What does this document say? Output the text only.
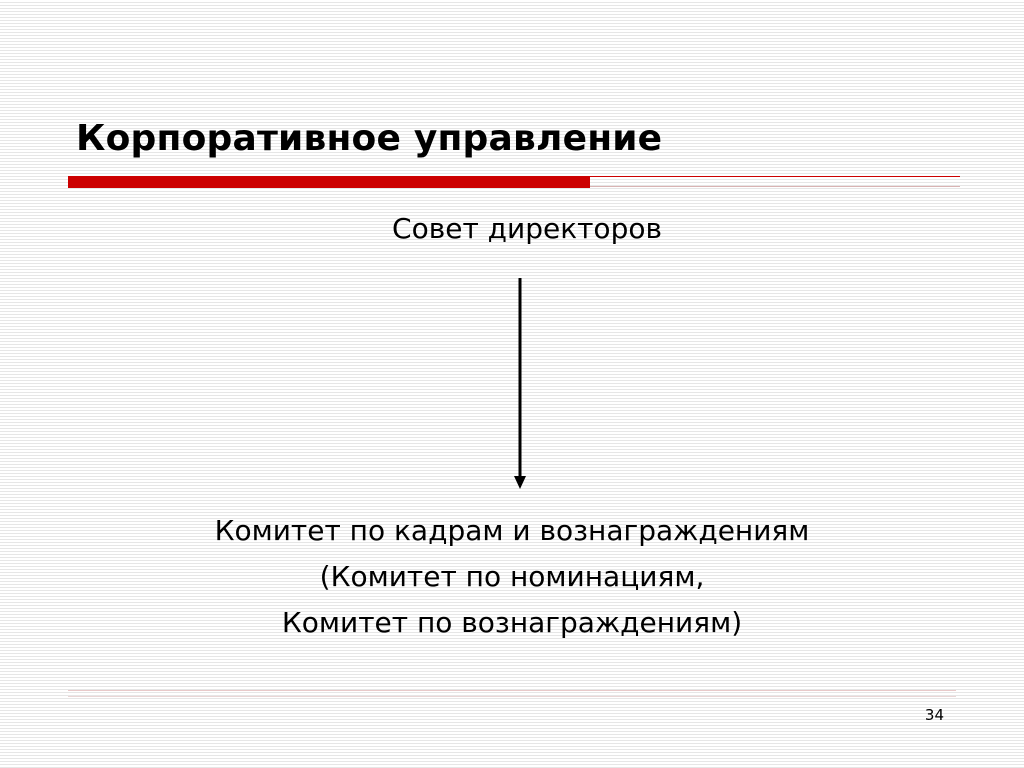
Корпоративное управление
Совет директоров
Комитет по кадрам и вознаграждениям
(Комитет по номинациям,
Комитет по вознаграждениям)
34
